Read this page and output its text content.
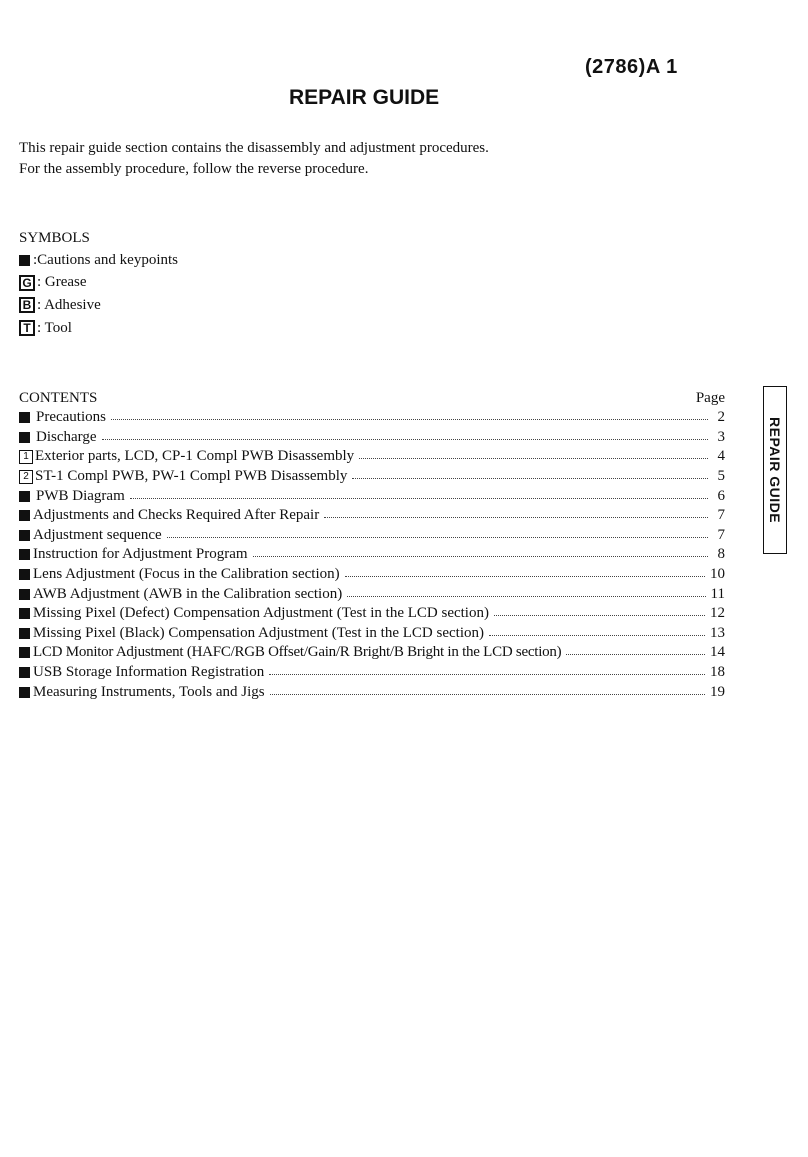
(2786)A 1
REPAIR GUIDE
This repair guide section contains the disassembly and adjustment procedures.
For the assembly procedure, follow the reverse procedure.
SYMBOLS
:Cautions and keypoints
G : Grease
B : Adhesive
T : Tool
CONTENTS	Page
Precautions	2
Discharge	3
1 Exterior parts, LCD, CP-1 Compl PWB Disassembly	4
2 ST-1 Compl PWB, PW-1 Compl PWB Disassembly	5
PWB Diagram	6
Adjustments and Checks Required After Repair	7
Adjustment sequence	7
Instruction for Adjustment Program	8
Lens Adjustment (Focus in the Calibration section)	10
AWB Adjustment (AWB in the Calibration section)	11
Missing Pixel (Defect) Compensation Adjustment (Test in the LCD section)	12
Missing Pixel (Black) Compensation Adjustment (Test in the LCD section)	13
LCD Monitor Adjustment (HAFC/RGB Offset/Gain/R Bright/B Bright in the LCD section)	14
USB Storage Information Registration	18
Measuring Instruments, Tools and Jigs	19
REPAIR GUIDE
